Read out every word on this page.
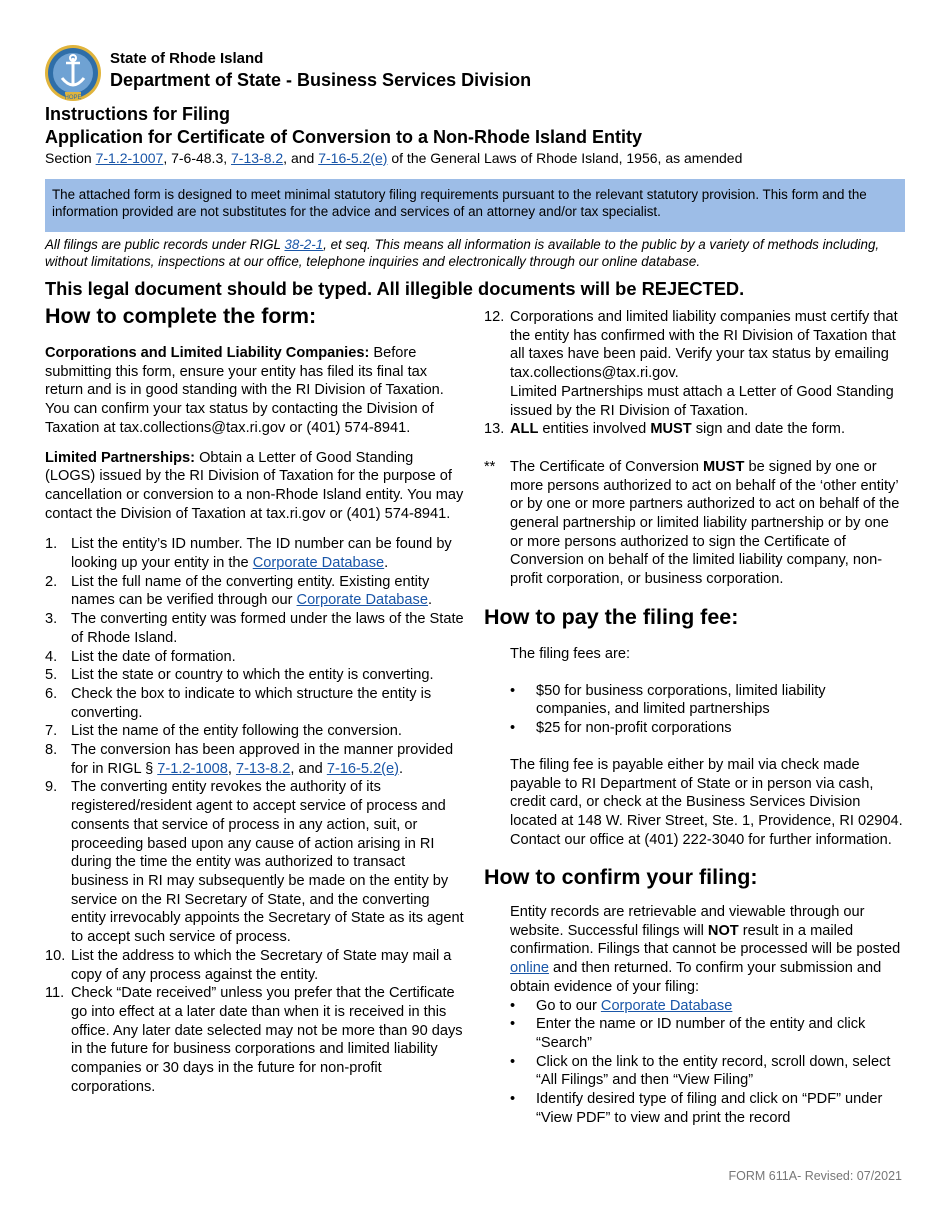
HOPE
State of Rhode Island
Department of State - Business Services Division
Instructions for Filing
Application for Certificate of Conversion to a Non-Rhode Island Entity
Section 7-1.2-1007, 7-6-48.3, 7-13-8.2, and 7-16-5.2(e) of the General Laws of Rhode Island, 1956, as amended
The attached form is designed to meet minimal statutory filing requirements pursuant to the relevant statutory provision. This form and the information provided are not substitutes for the advice and services of an attorney and/or tax specialist.
All filings are public records under RIGL 38-2-1, et seq. This means all information is available to the public by a variety of methods including, without limitations, inspections at our office, telephone inquiries and electronically through our online database.
This legal document should be typed. All illegible documents will be REJECTED.
How to complete the form:

Corporations and Limited Liability Companies: Before submitting this form, ensure your entity has filed its final tax return and is in good standing with the RI Division of Taxation. You can confirm your tax status by contacting the Division of Taxation at tax.collections@tax.ri.gov or (401) 574-8941.

Limited Partnerships: Obtain a Letter of Good Standing (LOGS) issued by the RI Division of Taxation for the purpose of cancellation or conversion to a non-Rhode Island entity. You may contact the Division of Taxation at tax.ri.gov or (401) 574-8941.

1. List the entity’s ID number. The ID number can be found by looking up your entity in the Corporate Database.
2. List the full name of the converting entity. Existing entity names can be verified through our Corporate Database.
3. The converting entity was formed under the laws of the State of Rhode Island.
4. List the date of formation.
5. List the state or country to which the entity is converting.
6. Check the box to indicate to which structure the entity is converting.
7. List the name of the entity following the conversion.
8. The conversion has been approved in the manner provided for in RIGL § 7-1.2-1008, 7-13-8.2, and 7-16-5.2(e).
9. The converting entity revokes the authority of its registered/resident agent to accept service of process and consents that service of process in any action, suit, or proceeding based upon any cause of action arising in RI during the time the entity was authorized to transact business in RI may subsequently be made on the entity by service on the RI Secretary of State, and the converting entity irrevocably appoints the Secretary of State as its agent to accept such service of process.
10. List the address to which the Secretary of State may mail a copy of any process against the entity.
11. Check “Date received” unless you prefer that the Certificate go into effect at a later date than when it is received in this office. Any later date selected may not be more than 90 days in the future for business corporations and limited liability companies or 30 days in the future for non-profit corporations.
12. Corporations and limited liability companies must certify that the entity has confirmed with the RI Division of Taxation that all taxes have been paid. Verify your tax status by emailing tax.collections@tax.ri.gov.
Limited Partnerships must attach a Letter of Good Standing issued by the RI Division of Taxation.
13. ALL entities involved MUST sign and date the form.
** The Certificate of Conversion MUST be signed by one or more persons authorized to act on behalf of the ‘other entity’ or by one or more partners authorized to act on behalf of the general partnership or limited liability partnership or by one or more persons authorized to sign the Certificate of Conversion on behalf of the limited liability company, non-profit corporation, or business corporation.
How to pay the filing fee:

The filing fees are:

• $50 for business corporations, limited liability companies, and limited partnerships
• $25 for non-profit corporations

The filing fee is payable either by mail via check made payable to RI Department of State or in person via cash, credit card, or check at the Business Services Division located at 148 W. River Street, Ste. 1, Providence, RI 02904. Contact our office at (401) 222-3040 for further information.

How to confirm your filing:

Entity records are retrievable and viewable through our website. Successful filings will NOT result in a mailed confirmation. Filings that cannot be processed will be posted online and then returned. To confirm your submission and obtain evidence of your filing:

• Go to our Corporate Database
• Enter the name or ID number of the entity and click “Search”
• Click on the link to the entity record, scroll down, select “All Filings” and then “View Filing”
• Identify desired type of filing and click on “PDF” under “View PDF” to view and print the record
FORM 611A- Revised: 07/2021
